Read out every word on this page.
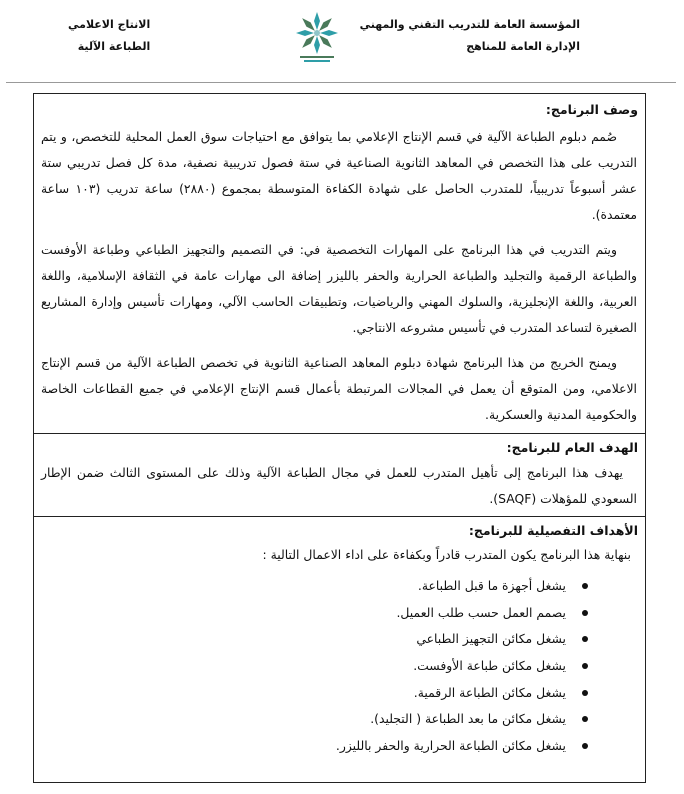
المؤسسة العامة للتدريب التقني والمهني
الإدارة العامة للمناهج
الانتاج الاعلامي
الطباعة الآلية
وصف البرنامج:
صُمم دبلوم الطباعة الآلية في قسم الإنتاج الإعلامي بما يتوافق مع احتياجات سوق العمل المحلية للتخصص، و يتم التدريب على هذا التخصص في المعاهد الثانوية الصناعية في ستة فصول تدريبية نصفية، مدة كل فصل تدريبي ستة عشر أسبوعاً تدريبياً، للمتدرب الحاصل على شهادة الكفاءة المتوسطة بمجموع (٢٨٨٠) ساعة تدريب (١٠٣ ساعة معتمدة).
ويتم التدريب في هذا البرنامج على المهارات التخصصية في: في التصميم والتجهيز الطباعي وطباعة الأوفست والطباعة الرقمية والتجليد والطباعة الحرارية والحفر بالليزر إضافة الى مهارات عامة في الثقافة الإسلامية، واللغة العربية، واللغة الإنجليزية، والسلوك المهني والرياضيات، وتطبيقات الحاسب الآلي، ومهارات تأسيس وإدارة المشاريع الصغيرة لتساعد المتدرب في تأسيس مشروعه الانتاجي.
ويمنح الخريج من هذا البرنامج شهادة دبلوم المعاهد الصناعية الثانوية في تخصص الطباعة الآلية من قسم الإنتاج الاعلامي، ومن المتوقع أن يعمل في المجالات المرتبطة بأعمال قسم الإنتاج الإعلامي في جميع القطاعات الخاصة والحكومية المدنية والعسكرية.
الهدف العام للبرنامج:
يهدف هذا البرنامج إلى تأهيل المتدرب للعمل في مجال الطباعة الآلية وذلك على المستوى الثالث ضمن الإطار السعودي للمؤهلات (SAQF).
الأهداف التفصيلية للبرنامج:
بنهاية هذا البرنامج يكون المتدرب قادراً وبكفاءة على اداء الاعمال التالية :
يشغل أجهزة ما قبل الطباعة.
يصمم العمل حسب طلب العميل.
يشغل مكائن التجهيز الطباعي
يشغل مكائن طباعة الأوفست.
يشغل مكائن الطباعة الرقمية.
يشغل مكائن ما بعد الطباعة ( التجليد).
يشغل مكائن الطباعة الحرارية والحفر بالليزر.
